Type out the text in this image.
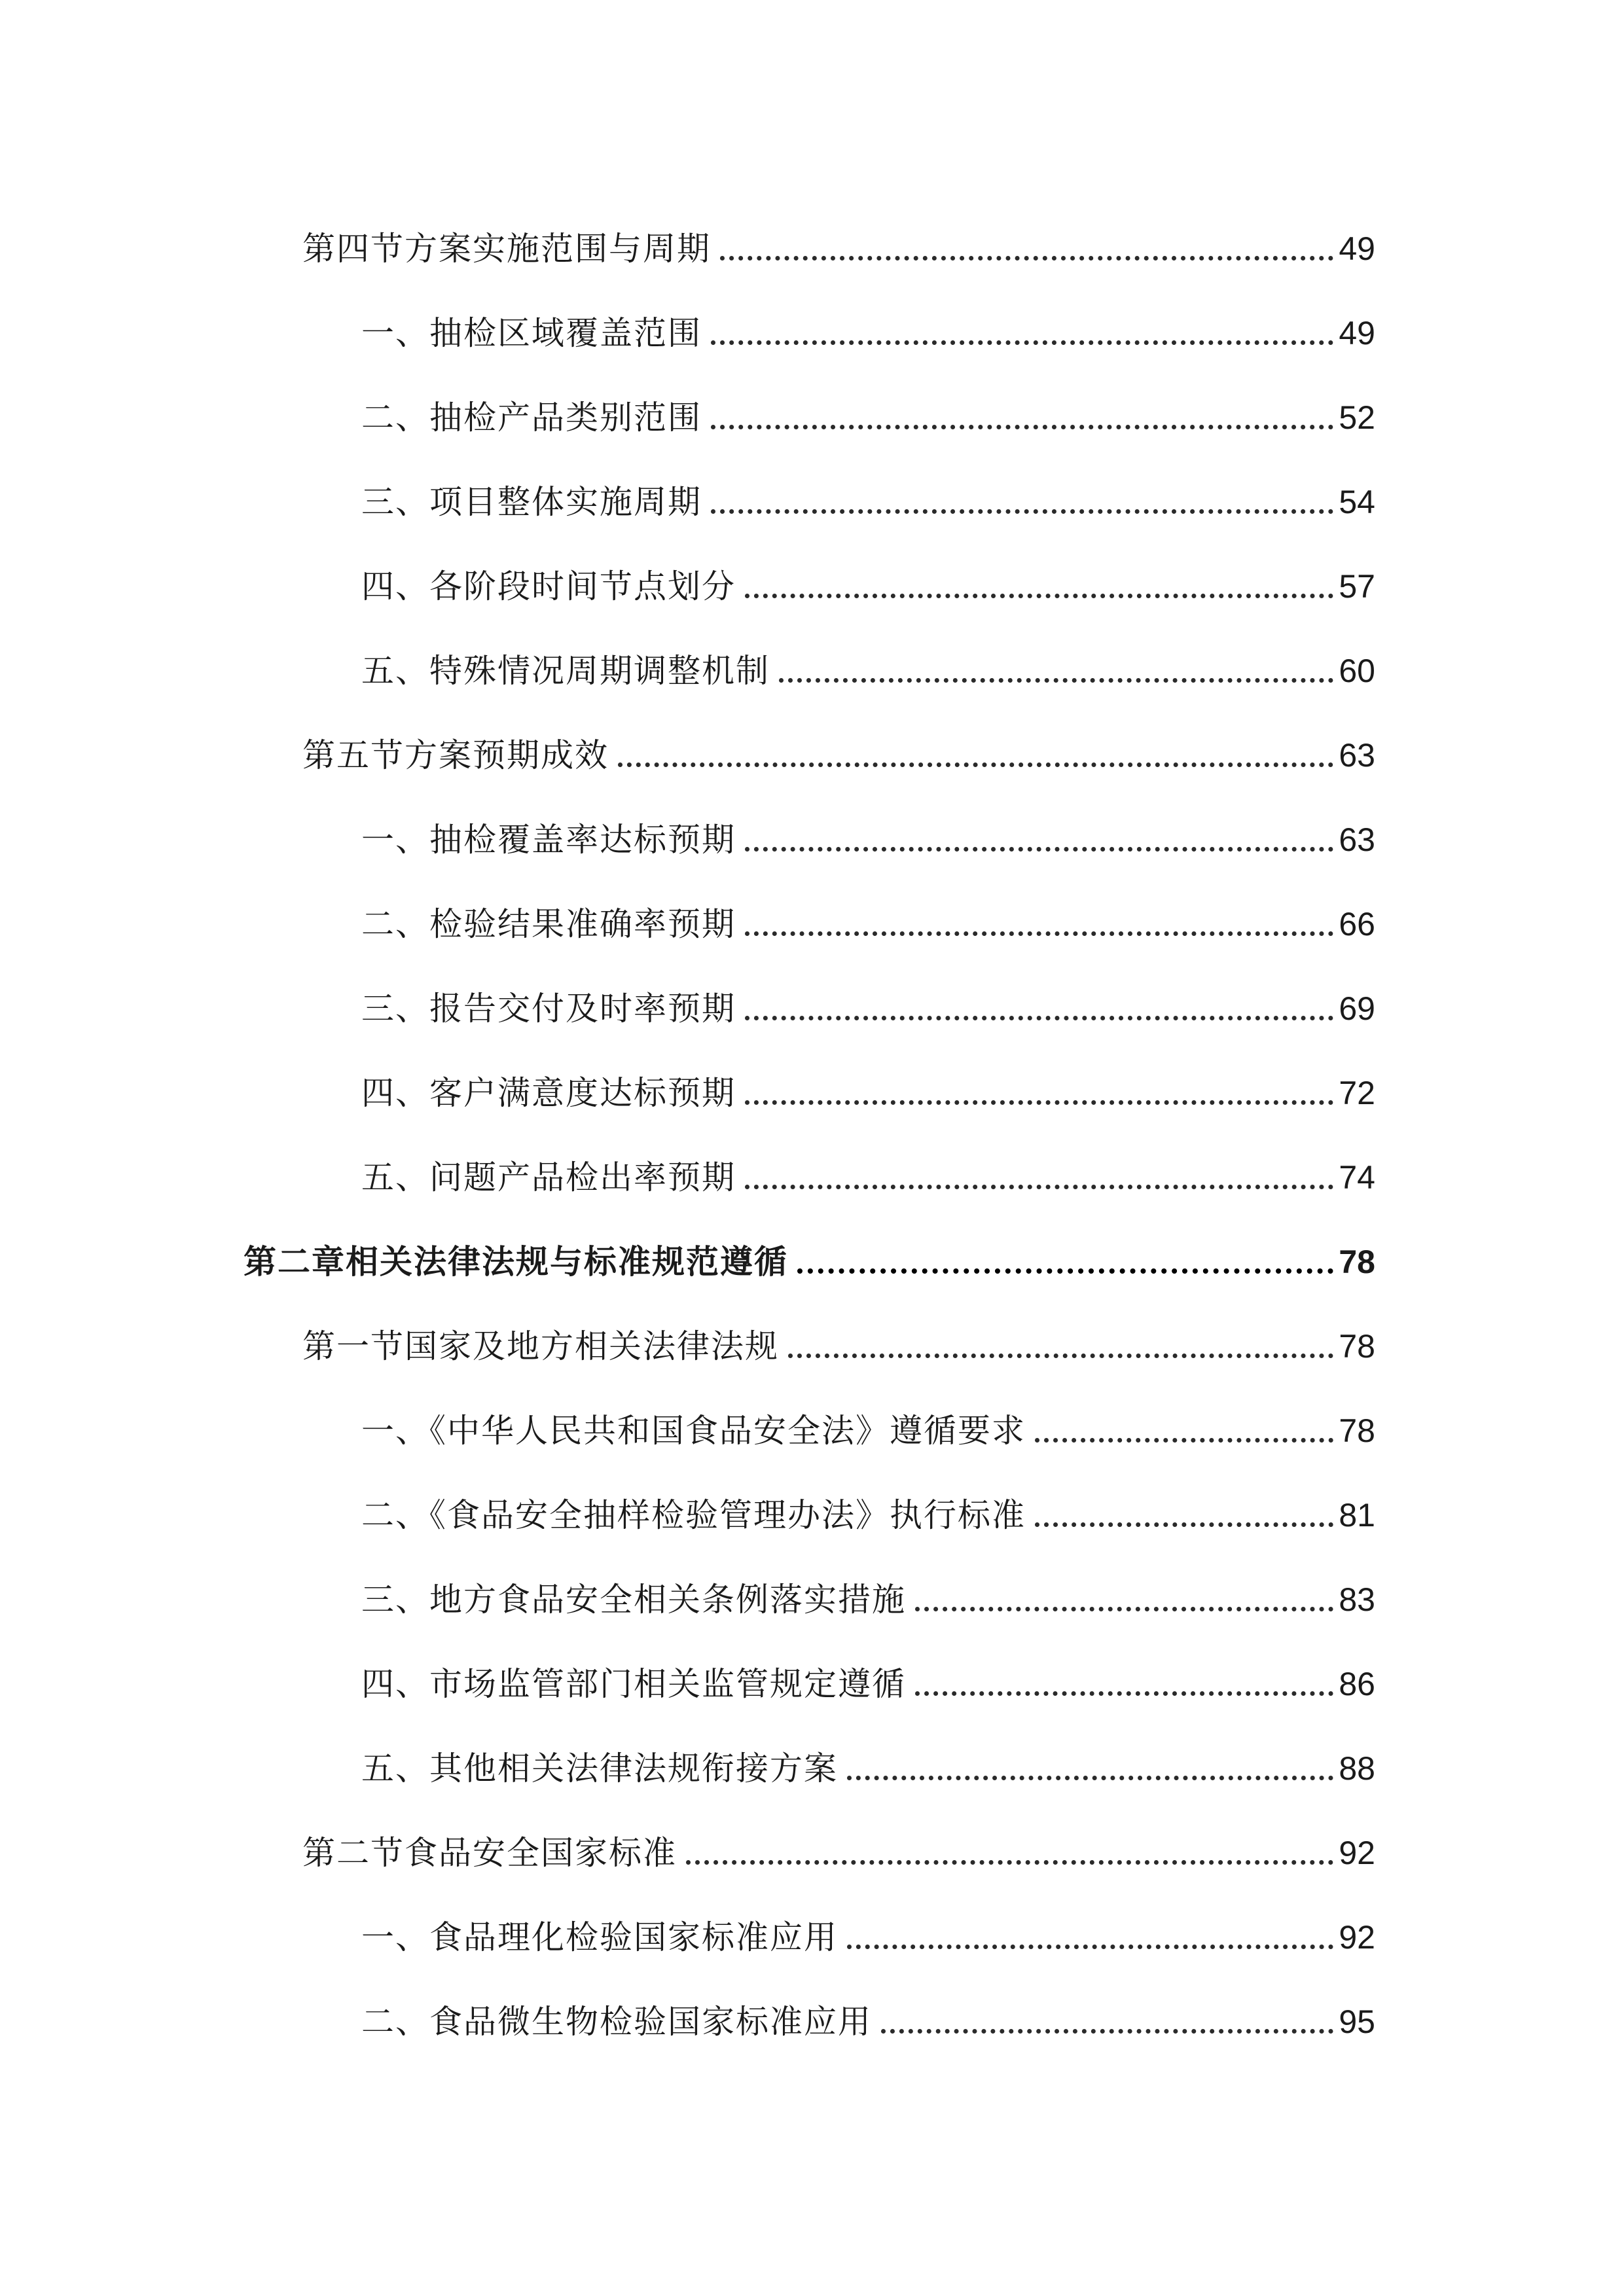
第四节方案实施范围与周期	49
一、抽检区域覆盖范围	49
二、抽检产品类别范围	52
三、项目整体实施周期	54
四、各阶段时间节点划分	57
五、特殊情况周期调整机制	60
第五节方案预期成效	63
一、抽检覆盖率达标预期	63
二、检验结果准确率预期	66
三、报告交付及时率预期	69
四、客户满意度达标预期	72
五、问题产品检出率预期	74
第二章相关法律法规与标准规范遵循	78
第一节国家及地方相关法律法规	78
一、《中华人民共和国食品安全法》遵循要求	78
二、《食品安全抽样检验管理办法》执行标准	81
三、地方食品安全相关条例落实措施	83
四、市场监管部门相关监管规定遵循	86
五、其他相关法律法规衔接方案	88
第二节食品安全国家标准	92
一、食品理化检验国家标准应用	92
二、食品微生物检验国家标准应用	95
